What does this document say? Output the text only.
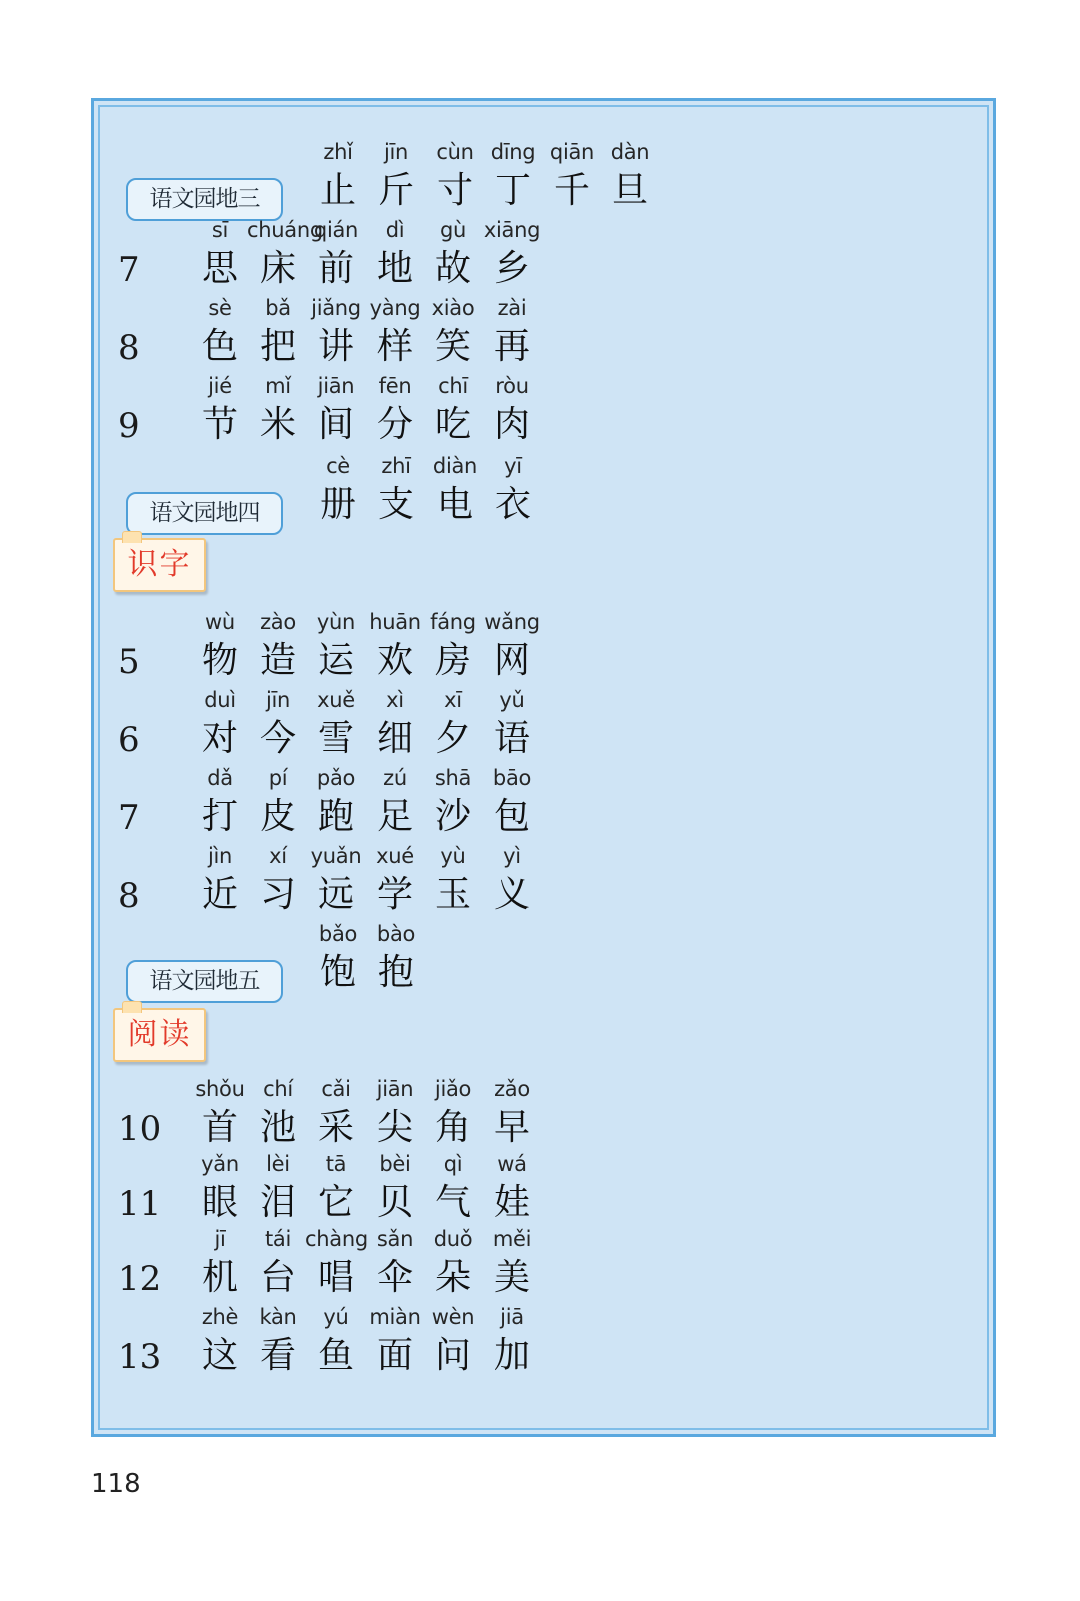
语文园地三
zhǐ
止
jīn
斤
cùn
寸
dīng
丁
qiān
千
dàn
旦
7
sī
思
chuáng
床
qián
前
dì
地
gù
故
xiāng
乡
8
sè
色
bǎ
把
jiǎng
讲
yàng
样
xiào
笑
zài
再
9
jié
节
mǐ
米
jiān
间
fēn
分
chī
吃
ròu
肉
语文园地四
cè
册
zhī
支
diàn
电
yī
衣
5
wù
物
zào
造
yùn
运
huān
欢
fáng
房
wǎng
网
6
duì
对
jīn
今
xuě
雪
xì
细
xī
夕
yǔ
语
7
dǎ
打
pí
皮
pǎo
跑
zú
足
shā
沙
bāo
包
8
jìn
近
xí
习
yuǎn
远
xué
学
yù
玉
yì
义
语文园地五
bǎo
饱
bào
抱
10
shǒu
首
chí
池
cǎi
采
jiān
尖
jiǎo
角
zǎo
早
11
yǎn
眼
lèi
泪
tā
它
bèi
贝
qì
气
wá
娃
12
jī
机
tái
台
chàng
唱
sǎn
伞
duǒ
朵
měi
美
13
zhè
这
kàn
看
yú
鱼
miàn
面
wèn
问
jiā
加
识字
阅读
118
